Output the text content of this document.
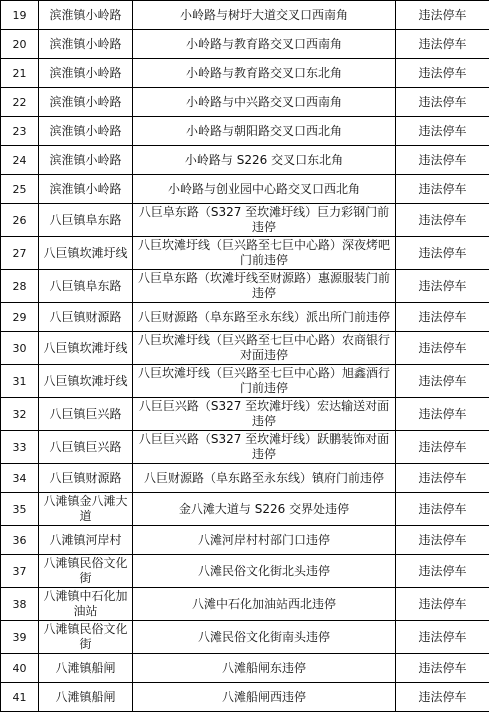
19	滨淮镇小岭路	小岭路与树圩大道交叉口西南角	违法停车
20	滨淮镇小岭路	小岭路与教育路交叉口西南角	违法停车
21	滨淮镇小岭路	小岭路与教育路交叉口东北角	违法停车
22	滨淮镇小岭路	小岭路与中兴路交叉口西南角	违法停车
23	滨淮镇小岭路	小岭路与朝阳路交叉口西北角	违法停车
24	滨淮镇小岭路	小岭路与 S226 交叉口东北角	违法停车
25	滨淮镇小岭路	小岭路与创业园中心路交叉口西北角	违法停车
26	八巨镇阜东路	八巨阜东路（S327 至坎滩圩线）巨力彩钢门前违停	违法停车
27	八巨镇坎滩圩线	八巨坎滩圩线（巨兴路至七巨中心路）深夜烤吧门前违停	违法停车
28	八巨镇阜东路	八巨阜东路（坎滩圩线至财源路）惠源服装门前违停	违法停车
29	八巨镇财源路	八巨财源路（阜东路至永东线）派出所门前违停	违法停车
30	八巨镇坎滩圩线	八巨坎滩圩线（巨兴路至七巨中心路）农商银行对面违停	违法停车
31	八巨镇坎滩圩线	八巨坎滩圩线（巨兴路至七巨中心路）旭鑫酒行门前违停	违法停车
32	八巨镇巨兴路	八巨巨兴路（S327 至坎滩圩线）宏达输送对面违停	违法停车
33	八巨镇巨兴路	八巨巨兴路（S327 至坎滩圩线）跃鹏装饰对面违停	违法停车
34	八巨镇财源路	八巨财源路（阜东路至永东线）镇府门前违停	违法停车
35	八滩镇金八滩大道	金八滩大道与 S226 交界处违停	违法停车
36	八滩镇河岸村	八滩河岸村村部门口违停	违法停车
37	八滩镇民俗文化街	八滩民俗文化街北头违停	违法停车
38	八滩镇中石化加油站	八滩中石化加油站西北违停	违法停车
39	八滩镇民俗文化街	八滩民俗文化街南头违停	违法停车
40	八滩镇船闸	八滩船闸东违停	违法停车
41	八滩镇船闸	八滩船闸西违停	违法停车
